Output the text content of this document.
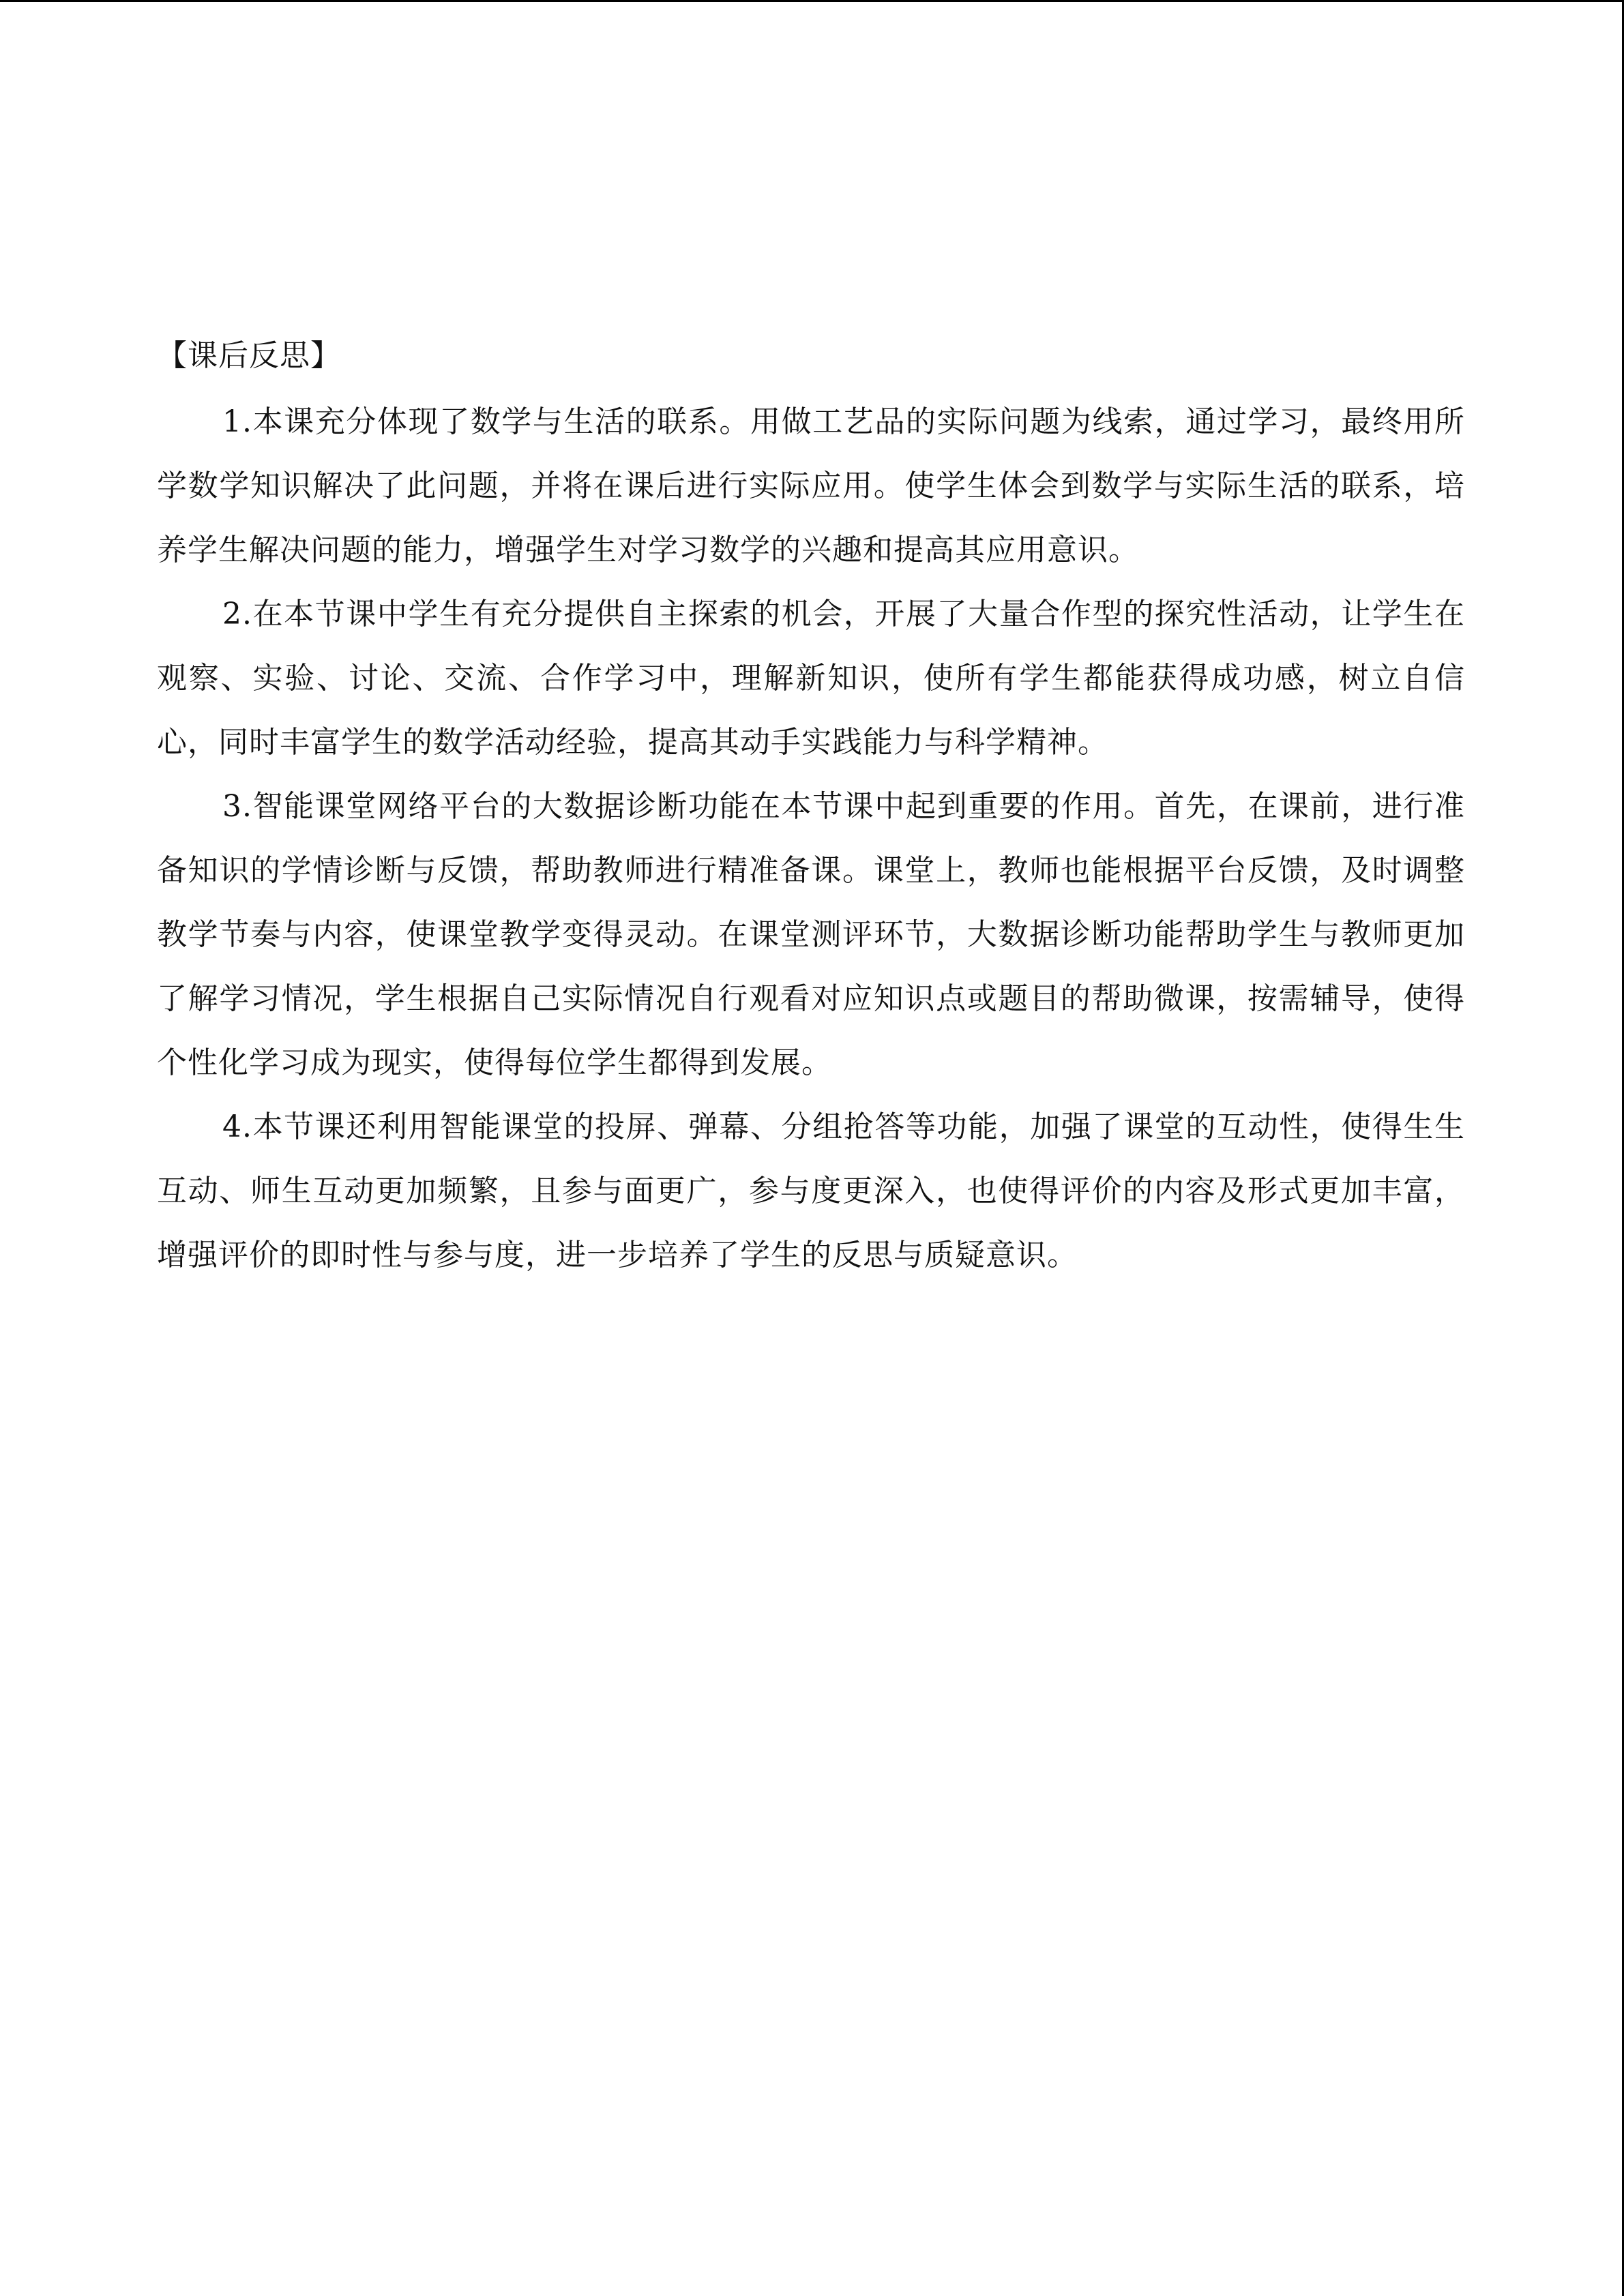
【课后反思】

1.本课充分体现了数学与生活的联系。用做工艺品的实际问题为线索，通过学习，最终用所学数学知识解决了此问题，并将在课后进行实际应用。使学生体会到数学与实际生活的联系，培养学生解决问题的能力，增强学生对学习数学的兴趣和提高其应用意识。

2.在本节课中学生有充分提供自主探索的机会，开展了大量合作型的探究性活动，让学生在观察、实验、讨论、交流、合作学习中，理解新知识，使所有学生都能获得成功感，树立自信心，同时丰富学生的数学活动经验，提高其动手实践能力与科学精神。

3.智能课堂网络平台的大数据诊断功能在本节课中起到重要的作用。首先，在课前，进行准备知识的学情诊断与反馈，帮助教师进行精准备课。课堂上，教师也能根据平台反馈，及时调整教学节奏与内容，使课堂教学变得灵动。在课堂测评环节，大数据诊断功能帮助学生与教师更加了解学习情况，学生根据自己实际情况自行观看对应知识点或题目的帮助微课，按需辅导，使得个性化学习成为现实，使得每位学生都得到发展。

4.本节课还利用智能课堂的投屏、弹幕、分组抢答等功能，加强了课堂的互动性，使得生生互动、师生互动更加频繁，且参与面更广，参与度更深入，也使得评价的内容及形式更加丰富，增强评价的即时性与参与度，进一步培养了学生的反思与质疑意识。
